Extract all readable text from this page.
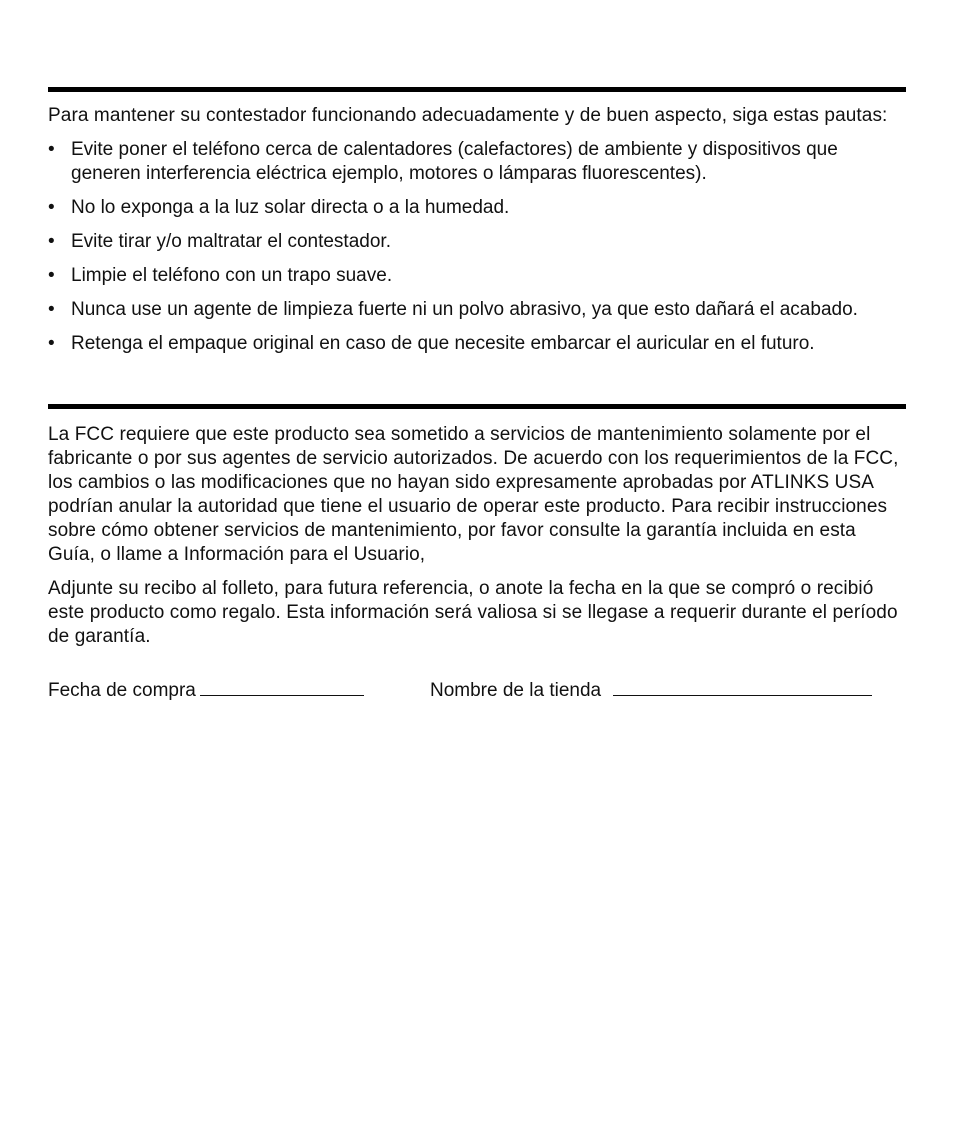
Para mantener su contestador funcionando adecuadamente y de buen aspecto, siga estas pautas:

• Evite poner el teléfono cerca de calentadores (calefactores) de ambiente y dispositivos que generen interferencia eléctrica ejemplo, motores o lámparas fluorescentes).
• No lo exponga a la luz solar directa o a la humedad.
• Evite tirar y/o maltratar el contestador.
• Limpie el teléfono con un trapo suave.
• Nunca use un agente de limpieza fuerte ni un polvo abrasivo, ya que esto dañará el acabado.
• Retenga el empaque original en caso de que necesite embarcar el auricular en el futuro.

La FCC requiere que este producto sea sometido a servicios de mantenimiento solamente por el fabricante o por sus agentes de servicio autorizados. De acuerdo con los requerimientos de la FCC, los cambios o las modificaciones que no hayan sido expresamente aprobadas por ATLINKS USA podrían anular la autoridad que tiene el usuario de operar este producto. Para recibir instrucciones sobre cómo obtener servicios de mantenimiento, por favor consulte la garantía incluida en esta Guía, o llame a Información para el Usuario,

Adjunte su recibo al folleto, para futura referencia, o anote la fecha en la que se compró o recibió este producto como regalo. Esta información será valiosa si se llegase a requerir durante el período de garantía.

Fecha de compra	Nombre de la tienda
